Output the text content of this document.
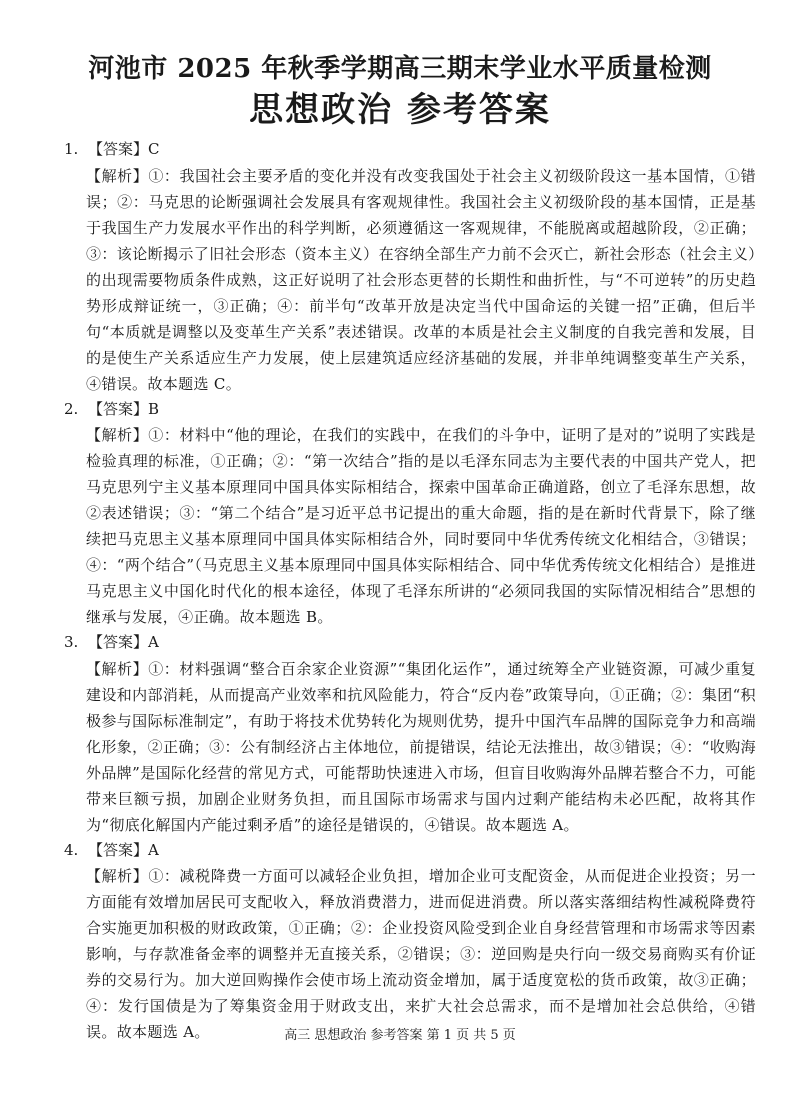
河池市 2025 年秋季学期高三期末学业水平质量检测
思想政治 参考答案
1. 【答案】C
【解析】①：我国社会主要矛盾的变化并没有改变我国处于社会主义初级阶段这一基本国情，①错误；②：马克思的论断强调社会发展具有客观规律性。我国社会主义初级阶段的基本国情，正是基于我国生产力发展水平作出的科学判断，必须遵循这一客观规律，不能脱离或超越阶段，②正确；③：该论断揭示了旧社会形态（资本主义）在容纳全部生产力前不会灭亡，新社会形态（社会主义）的出现需要物质条件成熟，这正好说明了社会形态更替的长期性和曲折性，与“不可逆转”的历史趋势形成辩证统一，③正确；④：前半句“改革开放是决定当代中国命运的关键一招”正确，但后半句“本质就是调整以及变革生产关系”表述错误。改革的本质是社会主义制度的自我完善和发展，目的是使生产关系适应生产力发展，使上层建筑适应经济基础的发展，并非单纯调整变革生产关系，④错误。故本题选 C。
2. 【答案】B
【解析】①：材料中“他的理论，在我们的实践中，在我们的斗争中，证明了是对的”说明了实践是检验真理的标准，①正确；②：“第一次结合”指的是以毛泽东同志为主要代表的中国共产党人，把马克思列宁主义基本原理同中国具体实际相结合，探索中国革命正确道路，创立了毛泽东思想，故②表述错误；③：“第二个结合”是习近平总书记提出的重大命题，指的是在新时代背景下，除了继续把马克思主义基本原理同中国具体实际相结合外，同时要同中华优秀传统文化相结合，③错误；④：“两个结合”（马克思主义基本原理同中国具体实际相结合、同中华优秀传统文化相结合）是推进马克思主义中国化时代化的根本途径，体现了毛泽东所讲的“必须同我国的实际情况相结合”思想的继承与发展，④正确。故本题选 B。
3. 【答案】A
【解析】①：材料强调“整合百余家企业资源”“集团化运作”，通过统筹全产业链资源，可减少重复建设和内部消耗，从而提高产业效率和抗风险能力，符合“反内卷”政策导向，①正确；②：集团“积极参与国际标准制定”，有助于将技术优势转化为规则优势，提升中国汽车品牌的国际竞争力和高端化形象，②正确；③：公有制经济占主体地位，前提错误，结论无法推出，故③错误；④：“收购海外品牌”是国际化经营的常见方式，可能帮助快速进入市场，但盲目收购海外品牌若整合不力，可能带来巨额亏损，加剧企业财务负担，而且国际市场需求与国内过剩产能结构未必匹配，故将其作为“彻底化解国内产能过剩矛盾”的途径是错误的，④错误。故本题选 A。
4. 【答案】A
【解析】①：减税降费一方面可以减轻企业负担，增加企业可支配资金，从而促进企业投资；另一方面能有效增加居民可支配收入，释放消费潜力，进而促进消费。所以落实落细结构性减税降费符合实施更加积极的财政政策，①正确；②：企业投资风险受到企业自身经营管理和市场需求等因素影响，与存款准备金率的调整并无直接关系，②错误；③：逆回购是央行向一级交易商购买有价证券的交易行为。加大逆回购操作会使市场上流动资金增加，属于适度宽松的货币政策，故③正确；④：发行国债是为了筹集资金用于财政支出，来扩大社会总需求，而不是增加社会总供给，④错误。故本题选 A。	高三 思想政治 参考答案 第 1 页 共 5 页
